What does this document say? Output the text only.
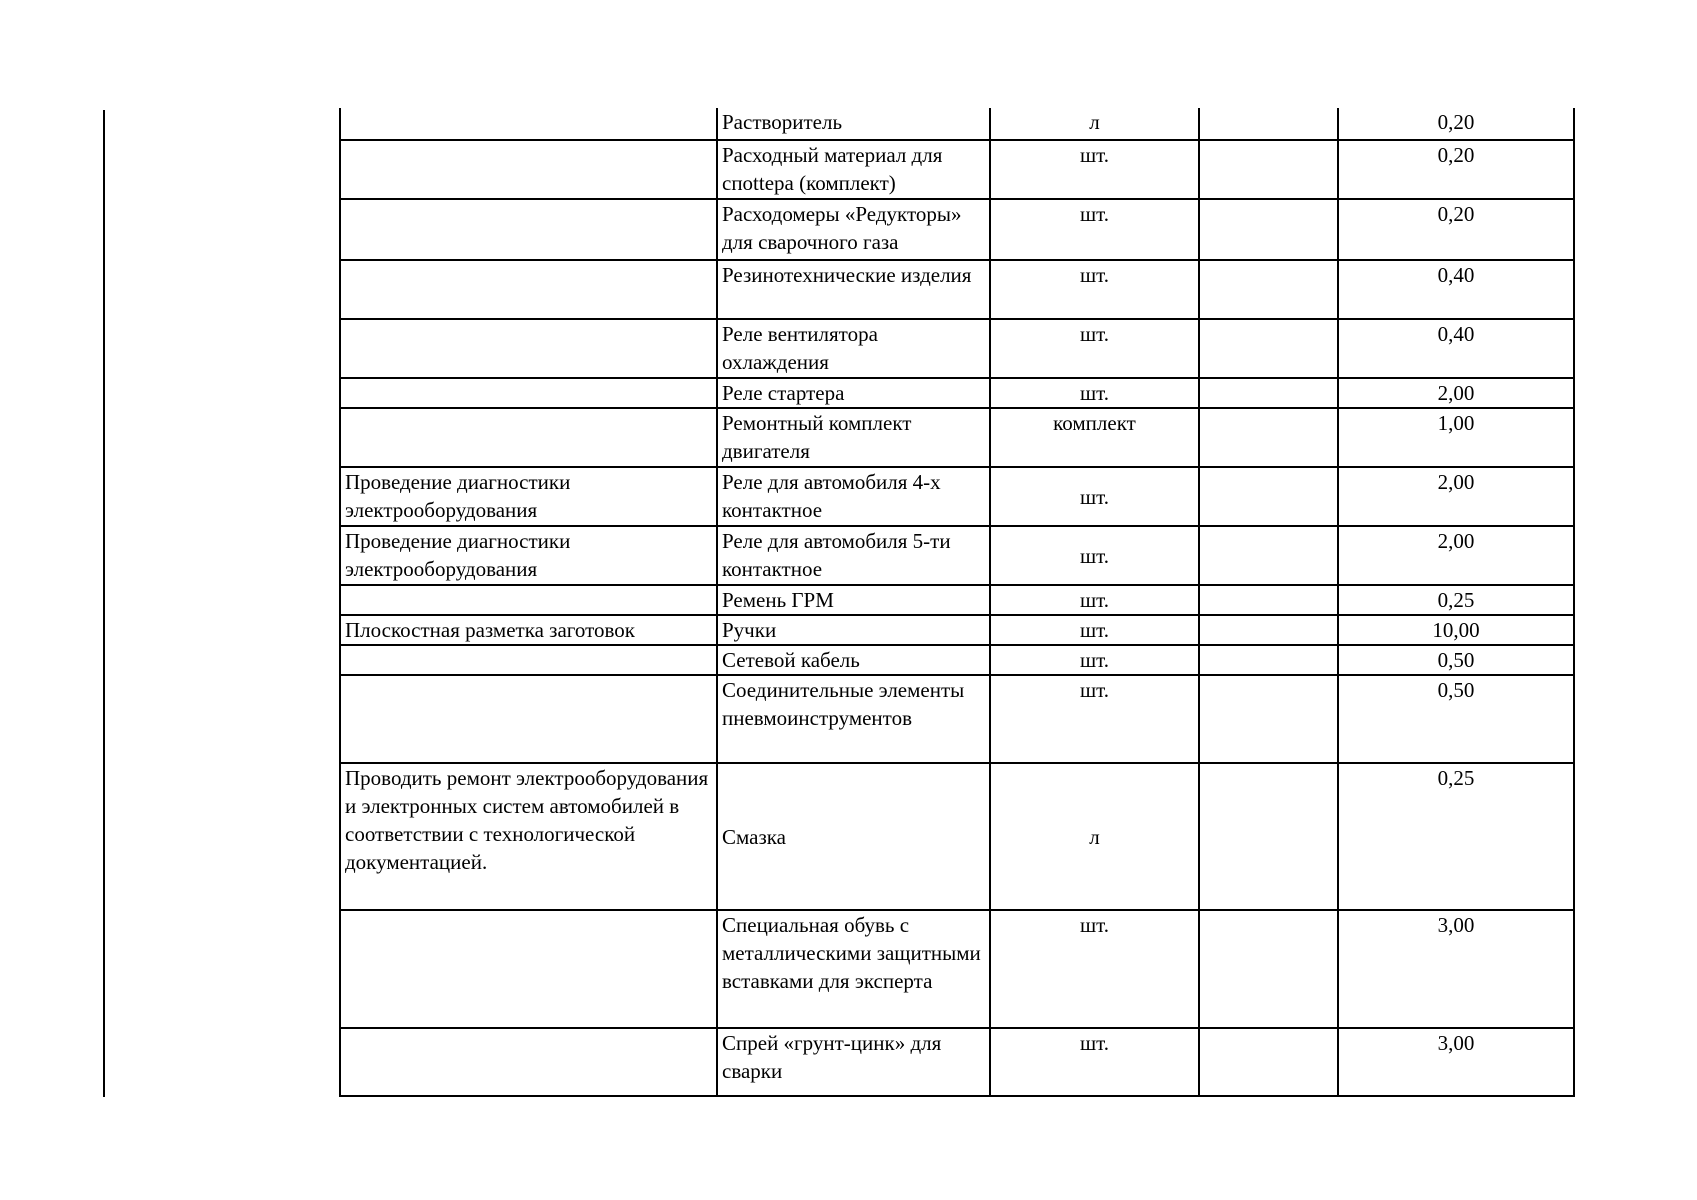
	Растворитель	л		0,20
	Расходный материал для спottера (комплект)	шт.		0,20
	Расходомеры «Редукторы» для сварочного газа	шт.		0,20
	Резинотехнические изделия	шт.		0,40
	Реле вентилятора охлаждения	шт.		0,40
	Реле стартера	шт.		2,00
	Ремонтный комплект двигателя	комплект		1,00
Проведение диагностики электрооборудования	Реле для автомобиля 4-х контактное	шт.		2,00
Проведение диагностики электрооборудования	Реле для автомобиля 5-ти контактное	шт.		2,00
	Ремень ГРМ	шт.		0,25
Плоскостная разметка заготовок	Ручки	шт.		10,00
	Сетевой кабель	шт.		0,50
	Соединительные элементы пневмоинструментов	шт.		0,50
Проводить ремонт электрооборудования и электронных систем автомобилей в соответствии с технологической документацией.	Смазка	л		0,25
	Специальная обувь с металлическими защитными вставками для эксперта	шт.		3,00
	Спрей «грунт-цинк» для сварки	шт.		3,00
